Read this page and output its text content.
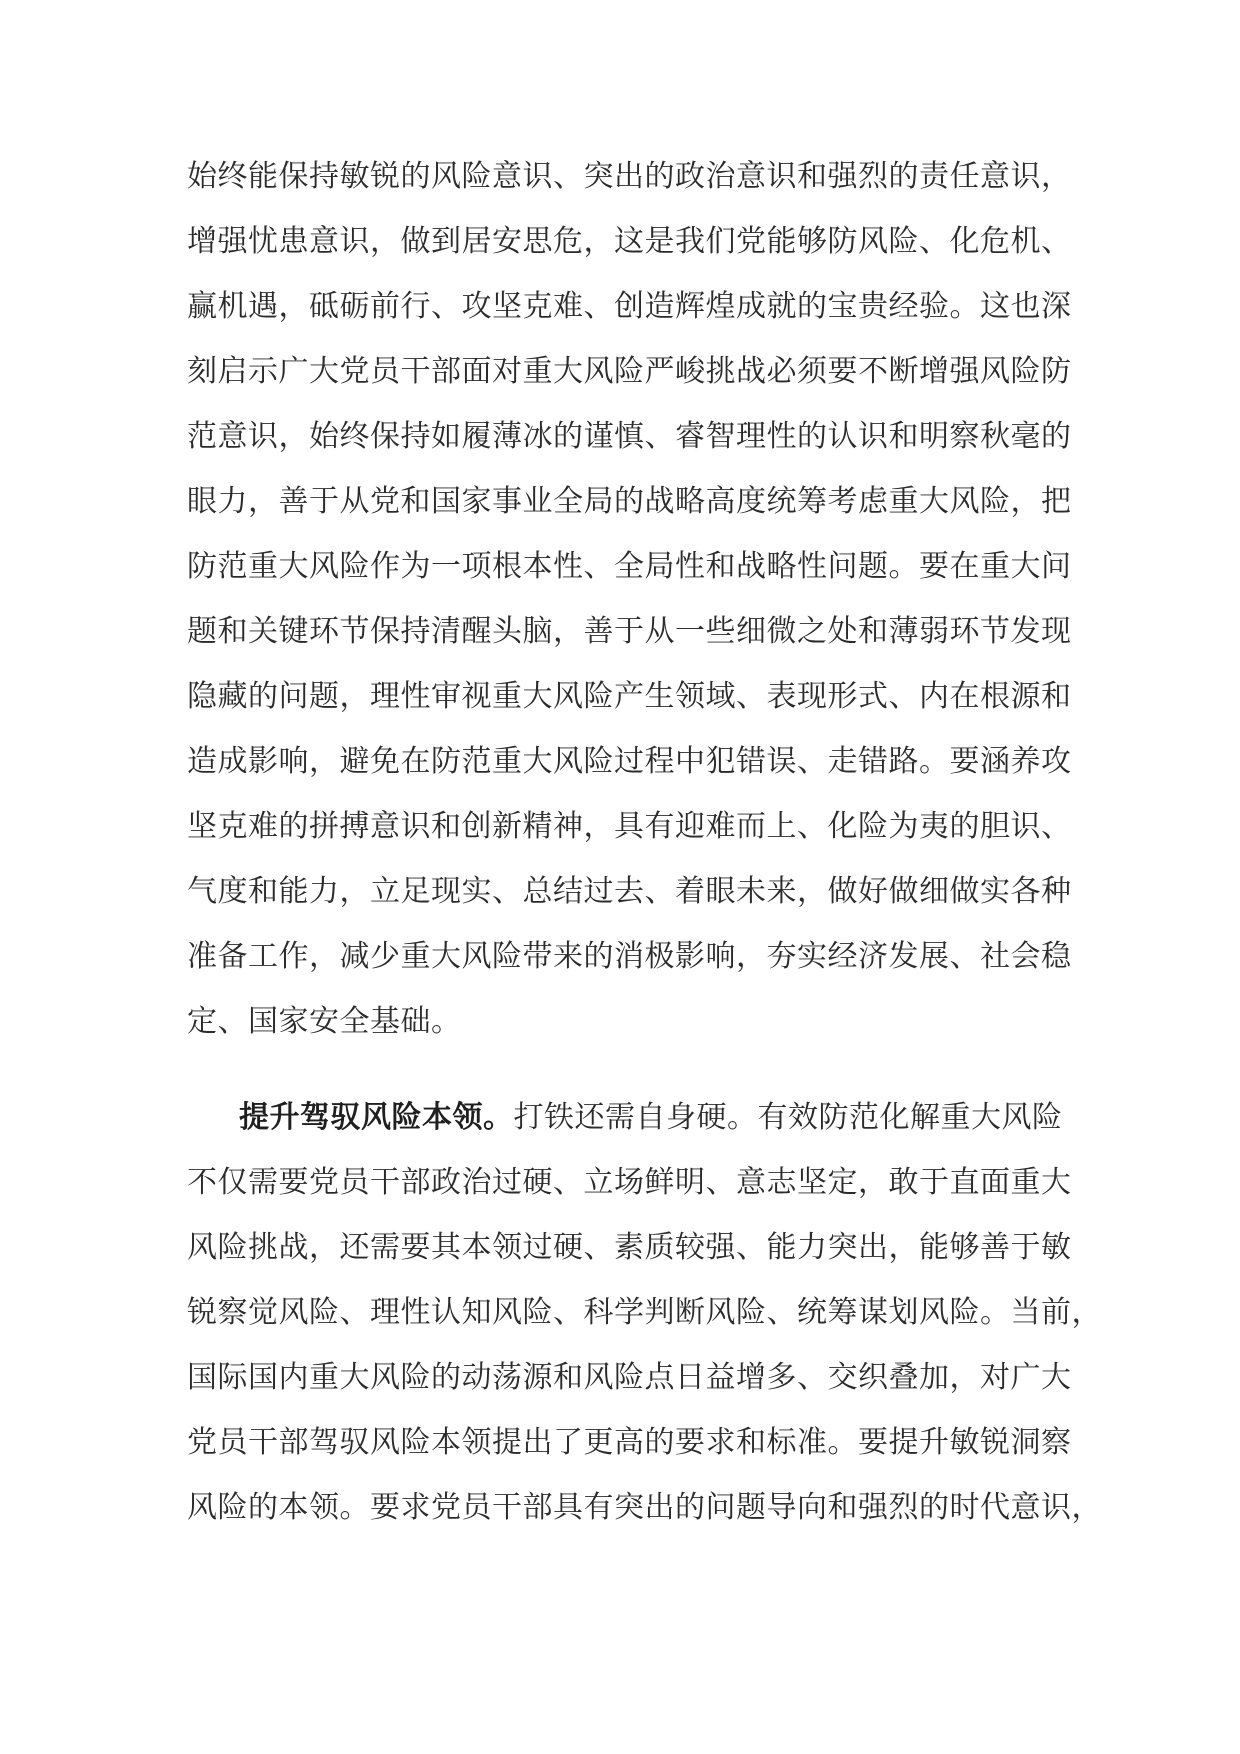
始终能保持敏锐的风险意识、突出的政治意识和强烈的责任意识，
增强忧患意识，做到居安思危，这是我们党能够防风险、化危机、
赢机遇，砥砺前行、攻坚克难、创造辉煌成就的宝贵经验。这也深
刻启示广大党员干部面对重大风险严峻挑战必须要不断增强风险防
范意识，始终保持如履薄冰的谨慎、睿智理性的认识和明察秋毫的
眼力，善于从党和国家事业全局的战略高度统筹考虑重大风险，把
防范重大风险作为一项根本性、全局性和战略性问题。要在重大问
题和关键环节保持清醒头脑，善于从一些细微之处和薄弱环节发现
隐藏的问题，理性审视重大风险产生领域、表现形式、内在根源和
造成影响，避免在防范重大风险过程中犯错误、走错路。要涵养攻
坚克难的拼搏意识和创新精神，具有迎难而上、化险为夷的胆识、
气度和能力，立足现实、总结过去、着眼未来，做好做细做实各种
准备工作，减少重大风险带来的消极影响，夯实经济发展、社会稳
定、国家安全基础。
提升驾驭风险本领。打铁还需自身硬。有效防范化解重大风险
不仅需要党员干部政治过硬、立场鲜明、意志坚定，敢于直面重大
风险挑战，还需要其本领过硬、素质较强、能力突出，能够善于敏
锐察觉风险、理性认知风险、科学判断风险、统筹谋划风险。当前，
国际国内重大风险的动荡源和风险点日益增多、交织叠加，对广大
党员干部驾驭风险本领提出了更高的要求和标准。要提升敏锐洞察
风险的本领。要求党员干部具有突出的问题导向和强烈的时代意识，
